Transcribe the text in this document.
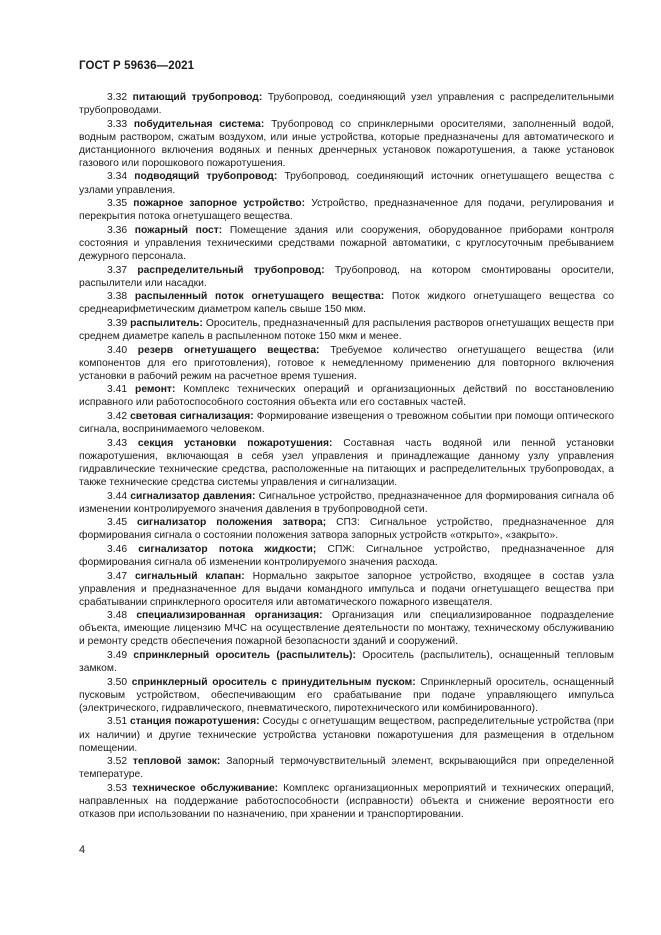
ГОСТ Р 59636—2021

3.32 питающий трубопровод: Трубопровод, соединяющий узел управления с распределительными трубопроводами.

3.33 побудительная система: Трубопровод со спринклерными оросителями, заполненный водой, водным раствором, сжатым воздухом, или иные устройства, которые предназначены для автоматического и дистанционного включения водяных и пенных дренчерных установок пожаротушения, а также установок газового или порошкового пожаротушения.

3.34 подводящий трубопровод: Трубопровод, соединяющий источник огнетушащего вещества с узлами управления.

3.35 пожарное запорное устройство: Устройство, предназначенное для подачи, регулирования и перекрытия потока огнетушащего вещества.

3.36 пожарный пост: Помещение здания или сооружения, оборудованное приборами контроля состояния и управления техническими средствами пожарной автоматики, с круглосуточным пребыванием дежурного персонала.

3.37 распределительный трубопровод: Трубопровод, на котором смонтированы оросители, распылители или насадки.

3.38 распыленный поток огнетушащего вещества: Поток жидкого огнетушащего вещества со среднеарифметическим диаметром капель свыше 150 мкм.

3.39 распылитель: Ороситель, предназначенный для распыления растворов огнетушащих веществ при среднем диаметре капель в распыленном потоке 150 мкм и менее.

3.40 резерв огнетушащего вещества: Требуемое количество огнетушащего вещества (или компонентов для его приготовления), готовое к немедленному применению для повторного включения установки в рабочий режим на расчетное время тушения.

3.41 ремонт: Комплекс технических операций и организационных действий по восстановлению исправного или работоспособного состояния объекта или его составных частей.

3.42 световая сигнализация: Формирование извещения о тревожном событии при помощи оптического сигнала, воспринимаемого человеком.

3.43 секция установки пожаротушения: Составная часть водяной или пенной установки пожаротушения, включающая в себя узел управления и принадлежащие данному узлу управления гидравлические технические средства, расположенные на питающих и распределительных трубопроводах, а также технические средства системы управления и сигнализации.

3.44 сигнализатор давления: Сигнальное устройство, предназначенное для формирования сигнала об изменении контролируемого значения давления в трубопроводной сети.

3.45 сигнализатор положения затвора; СПЗ: Сигнальное устройство, предназначенное для формирования сигнала о состоянии положения затвора запорных устройств «открыто», «закрыто».

3.46 сигнализатор потока жидкости; СПЖ: Сигнальное устройство, предназначенное для формирования сигнала об изменении контролируемого значения расхода.

3.47 сигнальный клапан: Нормально закрытое запорное устройство, входящее в состав узла управления и предназначенное для выдачи командного импульса и подачи огнетушащего вещества при срабатывании спринклерного оросителя или автоматического пожарного извещателя.

3.48 специализированная организация: Организация или специализированное подразделение объекта, имеющие лицензию МЧС на осуществление деятельности по монтажу, техническому обслуживанию и ремонту средств обеспечения пожарной безопасности зданий и сооружений.

3.49 спринклерный ороситель (распылитель): Ороситель (распылитель), оснащенный тепловым замком.

3.50 спринклерный ороситель с принудительным пуском: Спринклерный ороситель, оснащенный пусковым устройством, обеспечивающим его срабатывание при подаче управляющего импульса (электрического, гидравлического, пневматического, пиротехнического или комбинированного).

3.51 станция пожаротушения: Сосуды с огнетушащим веществом, распределительные устройства (при их наличии) и другие технические устройства установки пожаротушения для размещения в отдельном помещении.

3.52 тепловой замок: Запорный термочувствительный элемент, вскрывающийся при определенной температуре.

3.53 техническое обслуживание: Комплекс организационных мероприятий и технических операций, направленных на поддержание работоспособности (исправности) объекта и снижение вероятности его отказов при использовании по назначению, при хранении и транспортировании.

4
